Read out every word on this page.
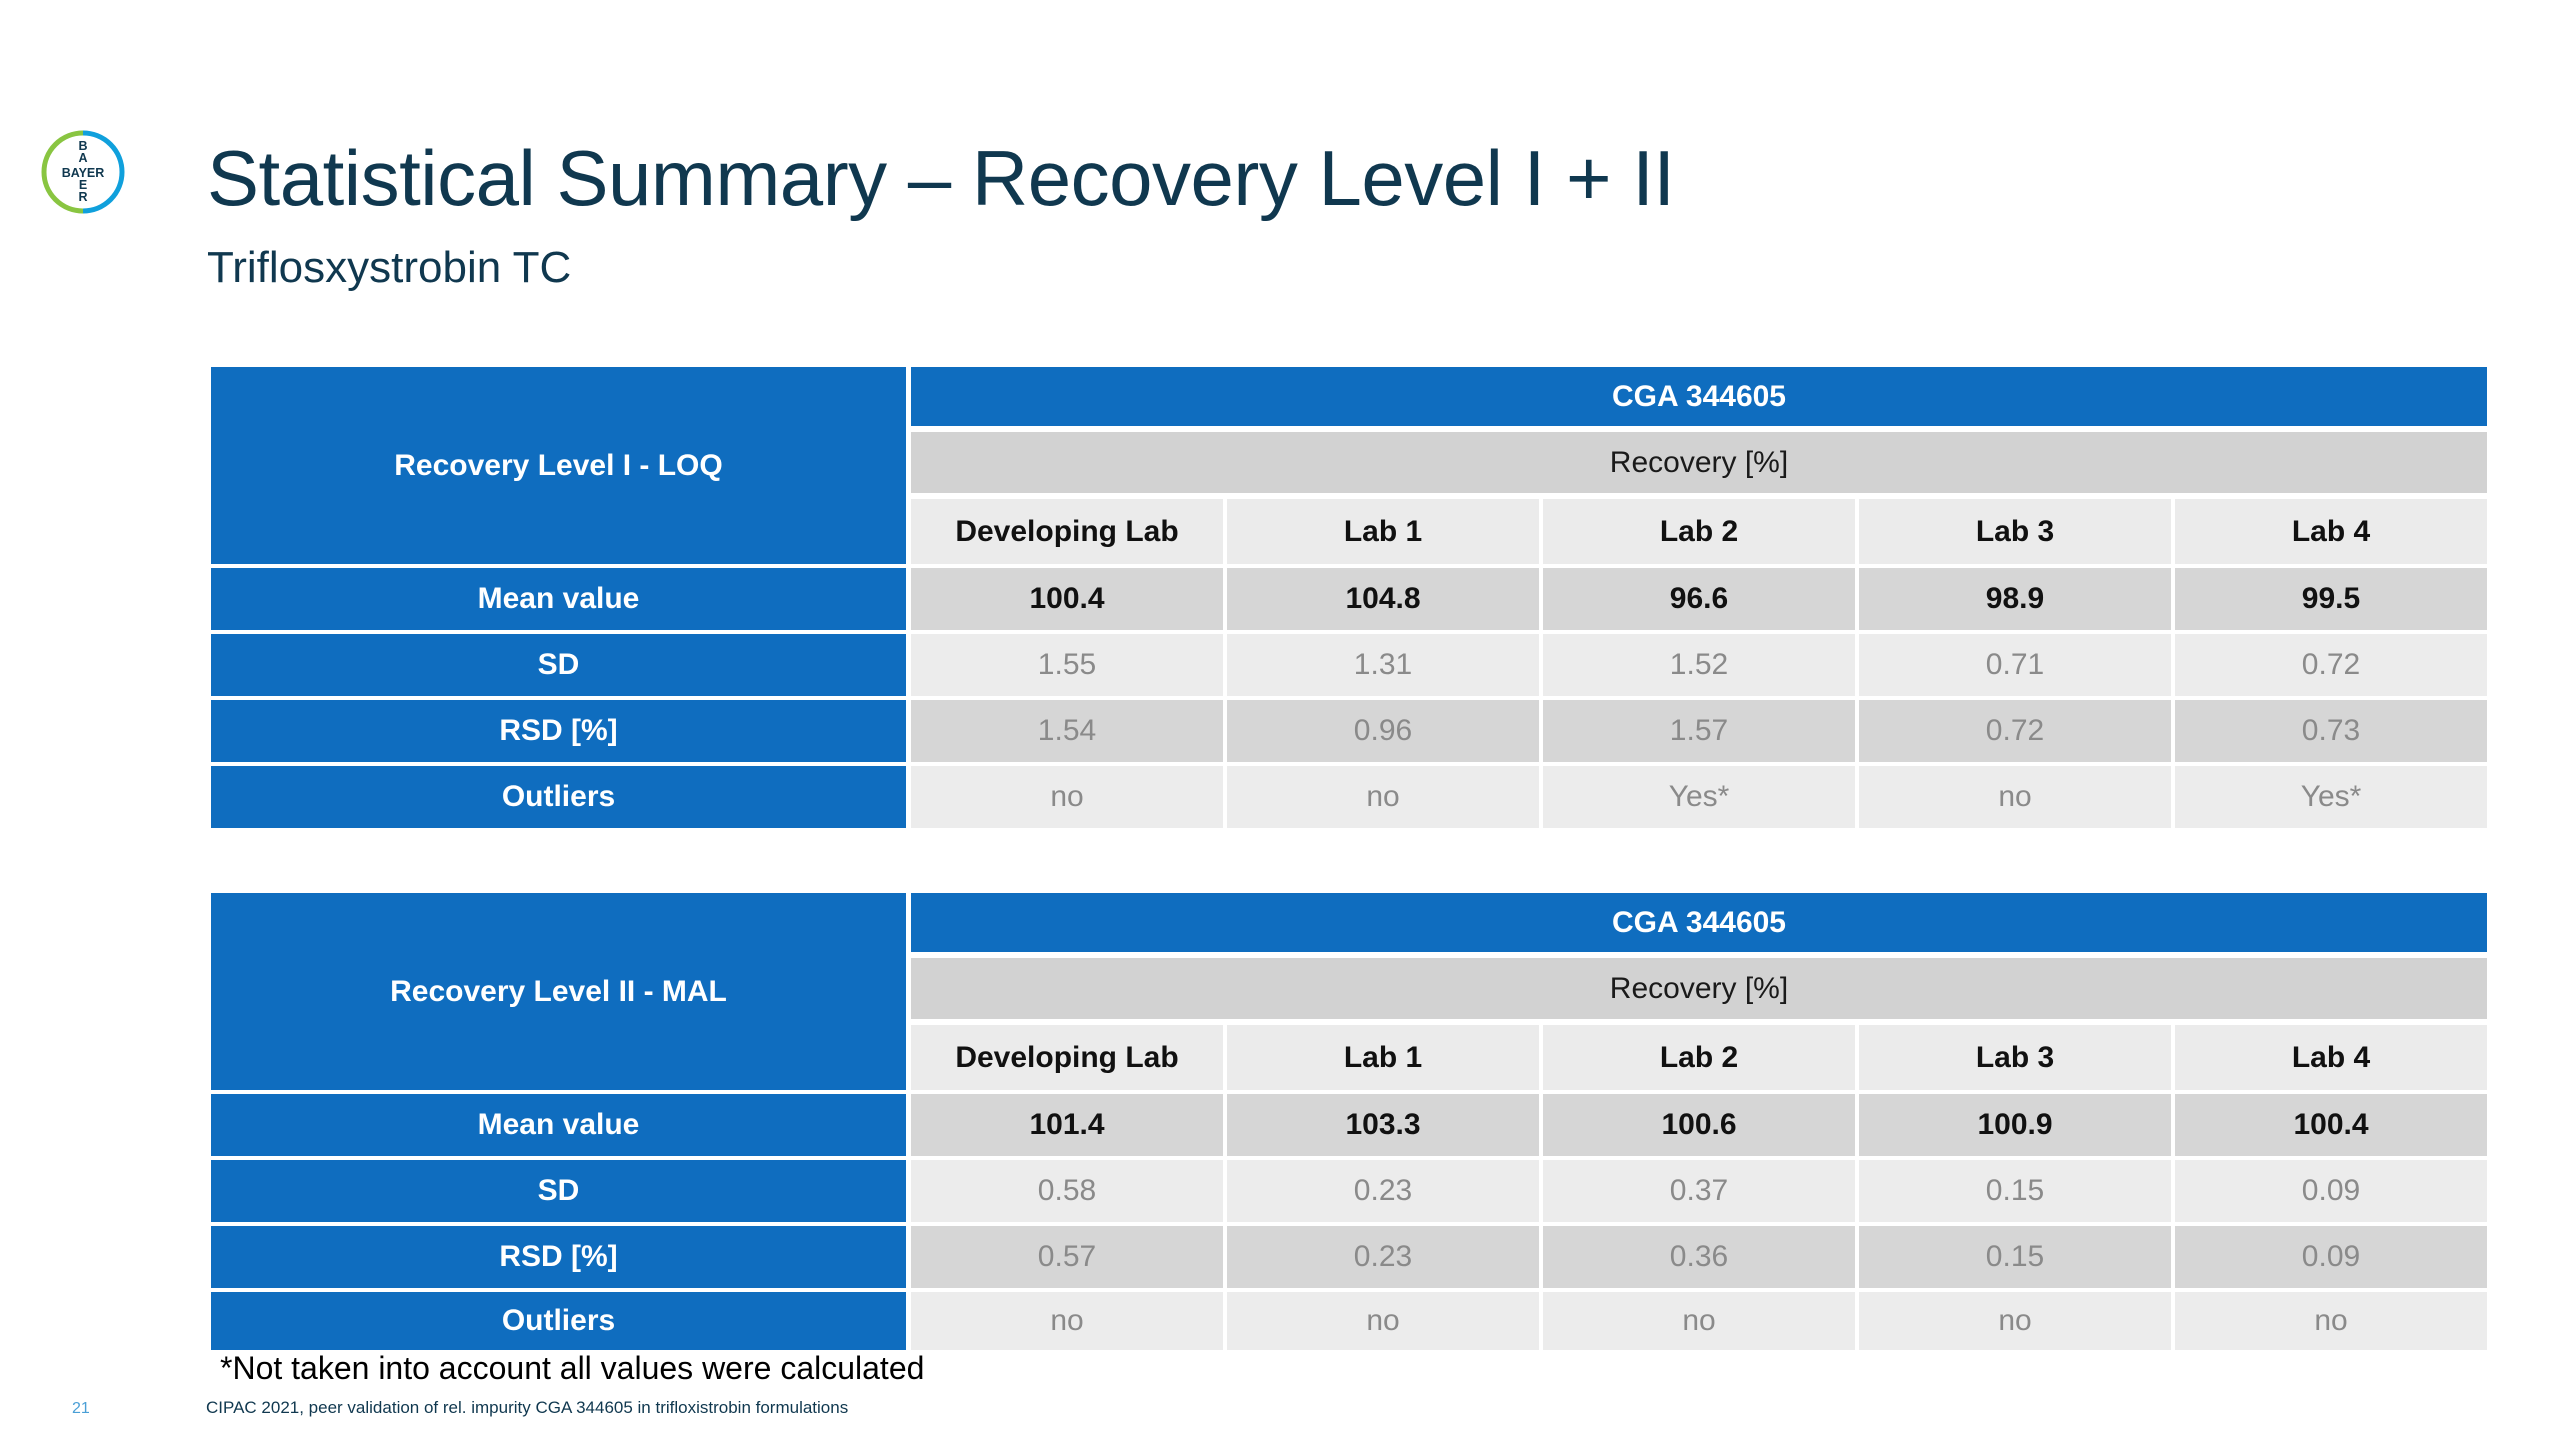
BAYER
B
A
E
R Statistical Summary – Recovery Level I + II
Triflosxystrobin TC
Recovery Level I - LOQ
CGA 344605
Recovery [%]
Developing Lab	Lab 1	Lab 2	Lab 3	Lab 4
Mean value	100.4	104.8	96.6	98.9	99.5
SD	1.55	1.31	1.52	0.71	0.72
RSD [%]	1.54	0.96	1.57	0.72	0.73
Outliers	no	no	Yes*	no	Yes*
Recovery Level II - MAL
CGA 344605
Recovery [%]
Developing Lab	Lab 1	Lab 2	Lab 3	Lab 4
Mean value	101.4	103.3	100.6	100.9	100.4
SD	0.58	0.23	0.37	0.15	0.09
RSD [%]	0.57	0.23	0.36	0.15	0.09
Outliers	no	no	no	no	no
*Not taken into account all values were calculated
21	CIPAC 2021, peer validation of rel. impurity CGA 344605 in trifloxistrobin formulations
